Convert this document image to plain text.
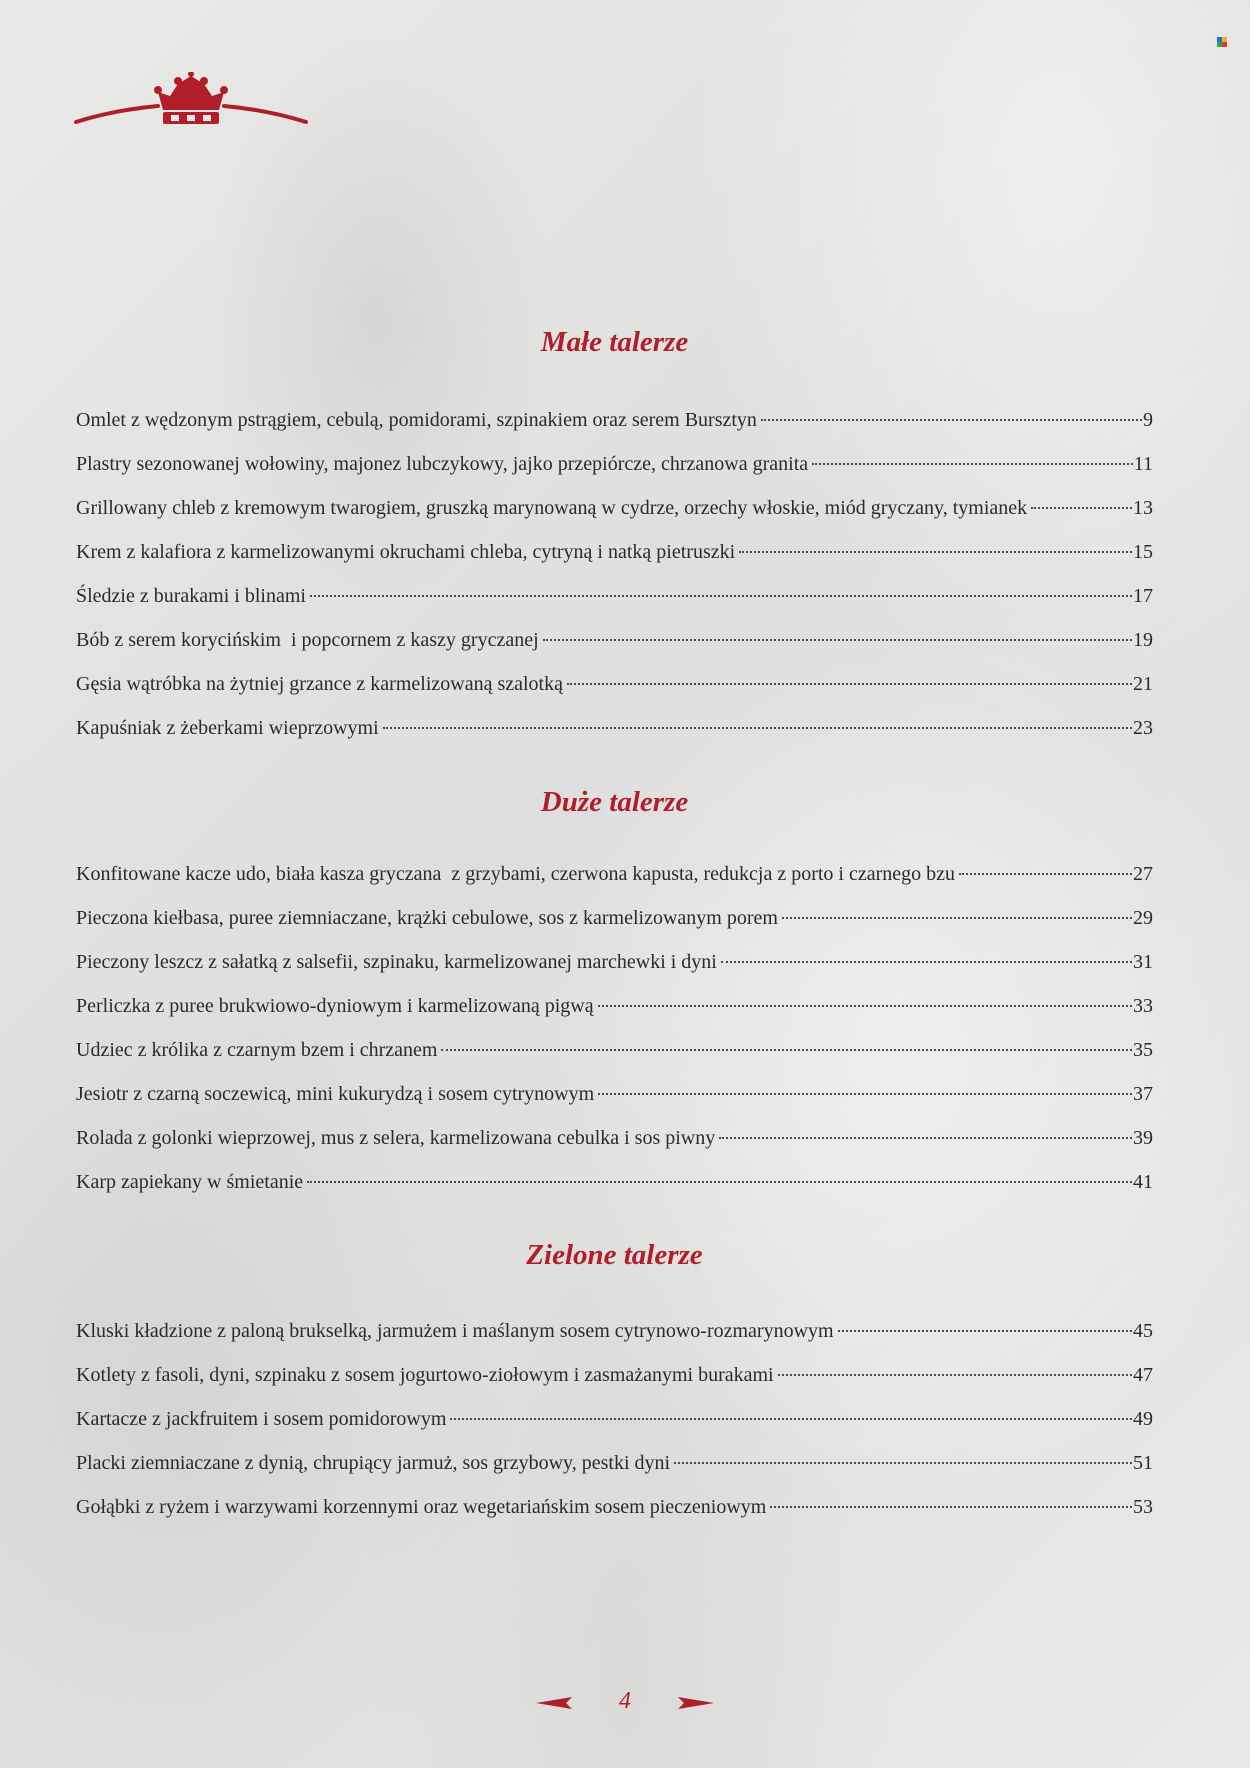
Małe talerze
Omlet z wędzonym pstrągiem, cebulą, pomidorami, szpinakiem oraz serem Bursztyn	9
Plastry sezonowanej wołowiny, majonez lubczykowy, jajko przepiórcze, chrzanowa granita	11
Grillowany chleb z kremowym twarogiem, gruszką marynowaną w cydrze, orzechy włoskie, miód gryczany, tymianek	13
Krem z kalafiora z karmelizowanymi okruchami chleba, cytryną i natką pietruszki	15
Śledzie z burakami i blinami	17
Bób z serem korycińskim  i popcornem z kaszy gryczanej	19
Gęsia wątróbka na żytniej grzance z karmelizowaną szalotką	21
Kapuśniak z żeberkami wieprzowymi	23
Duże talerze
Konfitowane kacze udo, biała kasza gryczana  z grzybami, czerwona kapusta, redukcja z porto i czarnego bzu	27
Pieczona kiełbasa, puree ziemniaczane, krążki cebulowe, sos z karmelizowanym porem	29
Pieczony leszcz z sałatką z salsefii, szpinaku, karmelizowanej marchewki i dyni	31
Perliczka z puree brukwiowo-dyniowym i karmelizowaną pigwą	33
Udziec z królika z czarnym bzem i chrzanem	35
Jesiotr z czarną soczewicą, mini kukurydzą i sosem cytrynowym	37
Rolada z golonki wieprzowej, mus z selera, karmelizowana cebulka i sos piwny	39
Karp zapiekany w śmietanie	41
Zielone talerze
Kluski kładzione z paloną brukselką, jarmużem i maślanym sosem cytrynowo-rozmarynowym	45
Kotlety z fasoli, dyni, szpinaku z sosem jogurtowo-ziołowym i zasmażanymi burakami	47
Kartacze z jackfruitem i sosem pomidorowym	49
Placki ziemniaczane z dynią, chrupiący jarmuż, sos grzybowy, pestki dyni	51
Gołąbki z ryżem i warzywami korzennymi oraz wegetariańskim sosem pieczeniowym	53
4
